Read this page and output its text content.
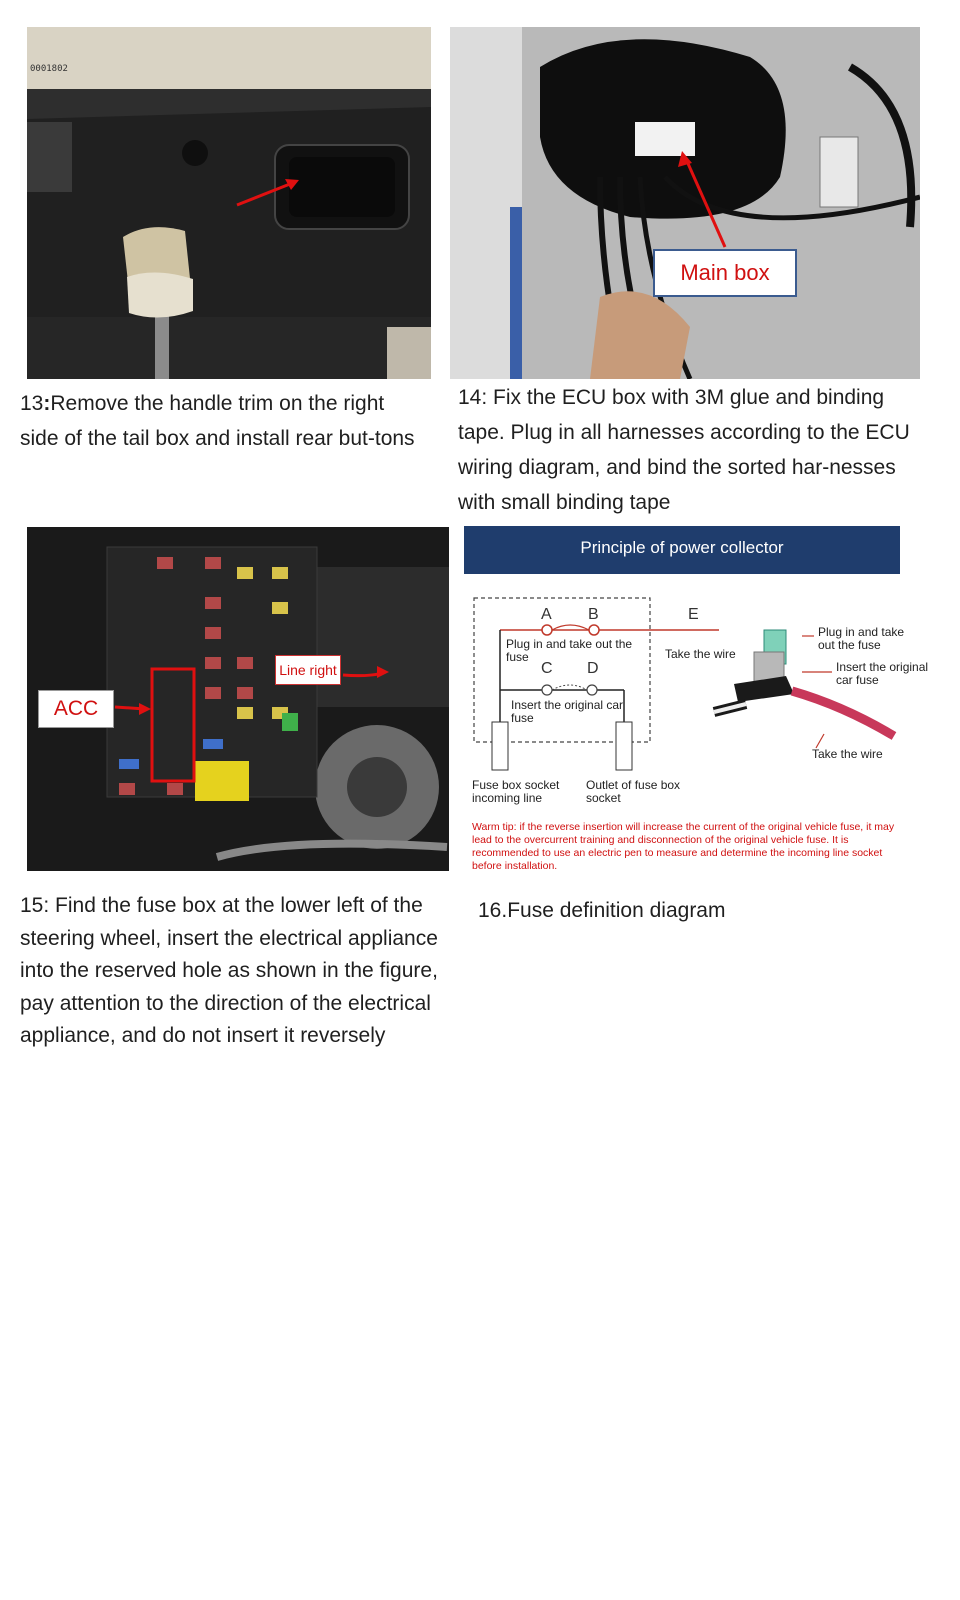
0001802
Main box
13:Remove the handle trim on the right side of the tail box and install rear but-tons
14: Fix the ECU box with 3M glue and binding tape. Plug in all harnesses according to the ECU wiring diagram, and bind the sorted har-nesses with small binding tape
ACC
Line right
Principle of power collector
A B
C D
E
Plug in and take out the fuse
Insert the original car fuse
Take the wire
Plug in and take out the fuse
Insert the original car fuse
Take the wire
Fuse box socket incoming line
Outlet of fuse box socket
Warm tip: if the reverse insertion will increase the current of the original vehicle fuse, it may lead to the overcurrent training and disconnection of the original vehicle fuse. It is recommended to use an electric pen to measure and determine the incoming line socket before installation.
15: Find the fuse box at the lower left of the steering wheel, insert the electrical appliance into the reserved hole as shown in the figure, pay attention to the direction of the electrical appliance, and do not insert it reversely
16.Fuse definition diagram
